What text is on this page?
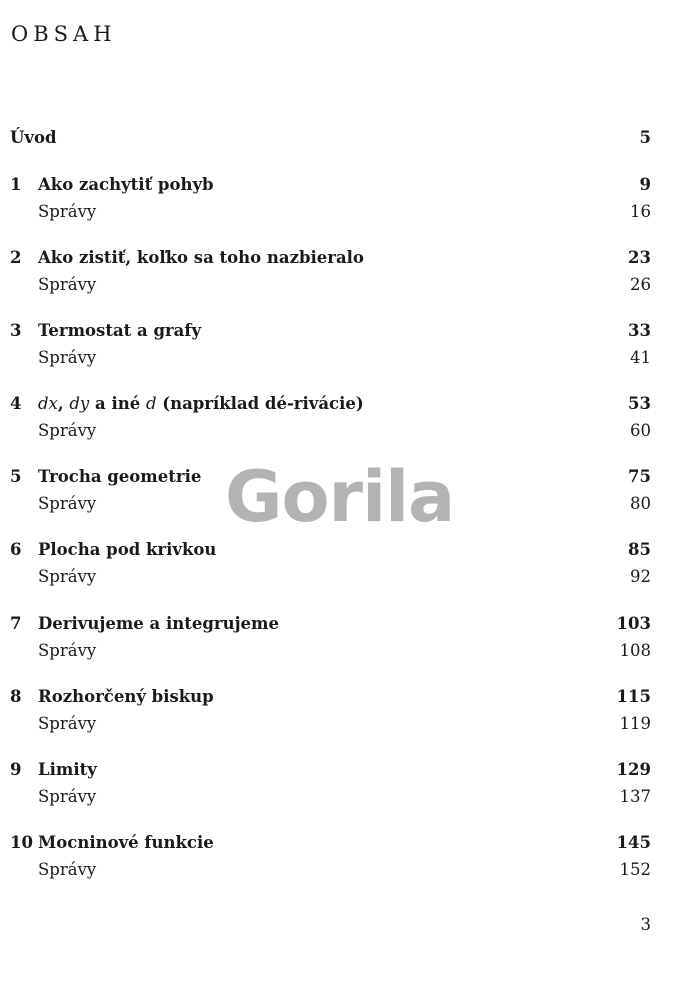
OBSAH
Úvod	5
1	Ako zachytiť pohyb	9
Správy	16
2	Ako zistiť, koľko sa toho nazbieralo	23
Správy	26
3	Termostat a grafy	33
Správy	41
4	dx, dy a iné d (napríklad dé-rivácie)	53
Správy	60
5	Trocha geometrie	75
Správy	80
6	Plocha pod krivkou	85
Správy	92
7	Derivujeme a integrujeme	103
Správy	108
8	Rozhorčený biskup	115
Správy	119
9	Limity	129
Správy	137
10 Mocninové funkcie	145
Správy	152
Gorila
3
